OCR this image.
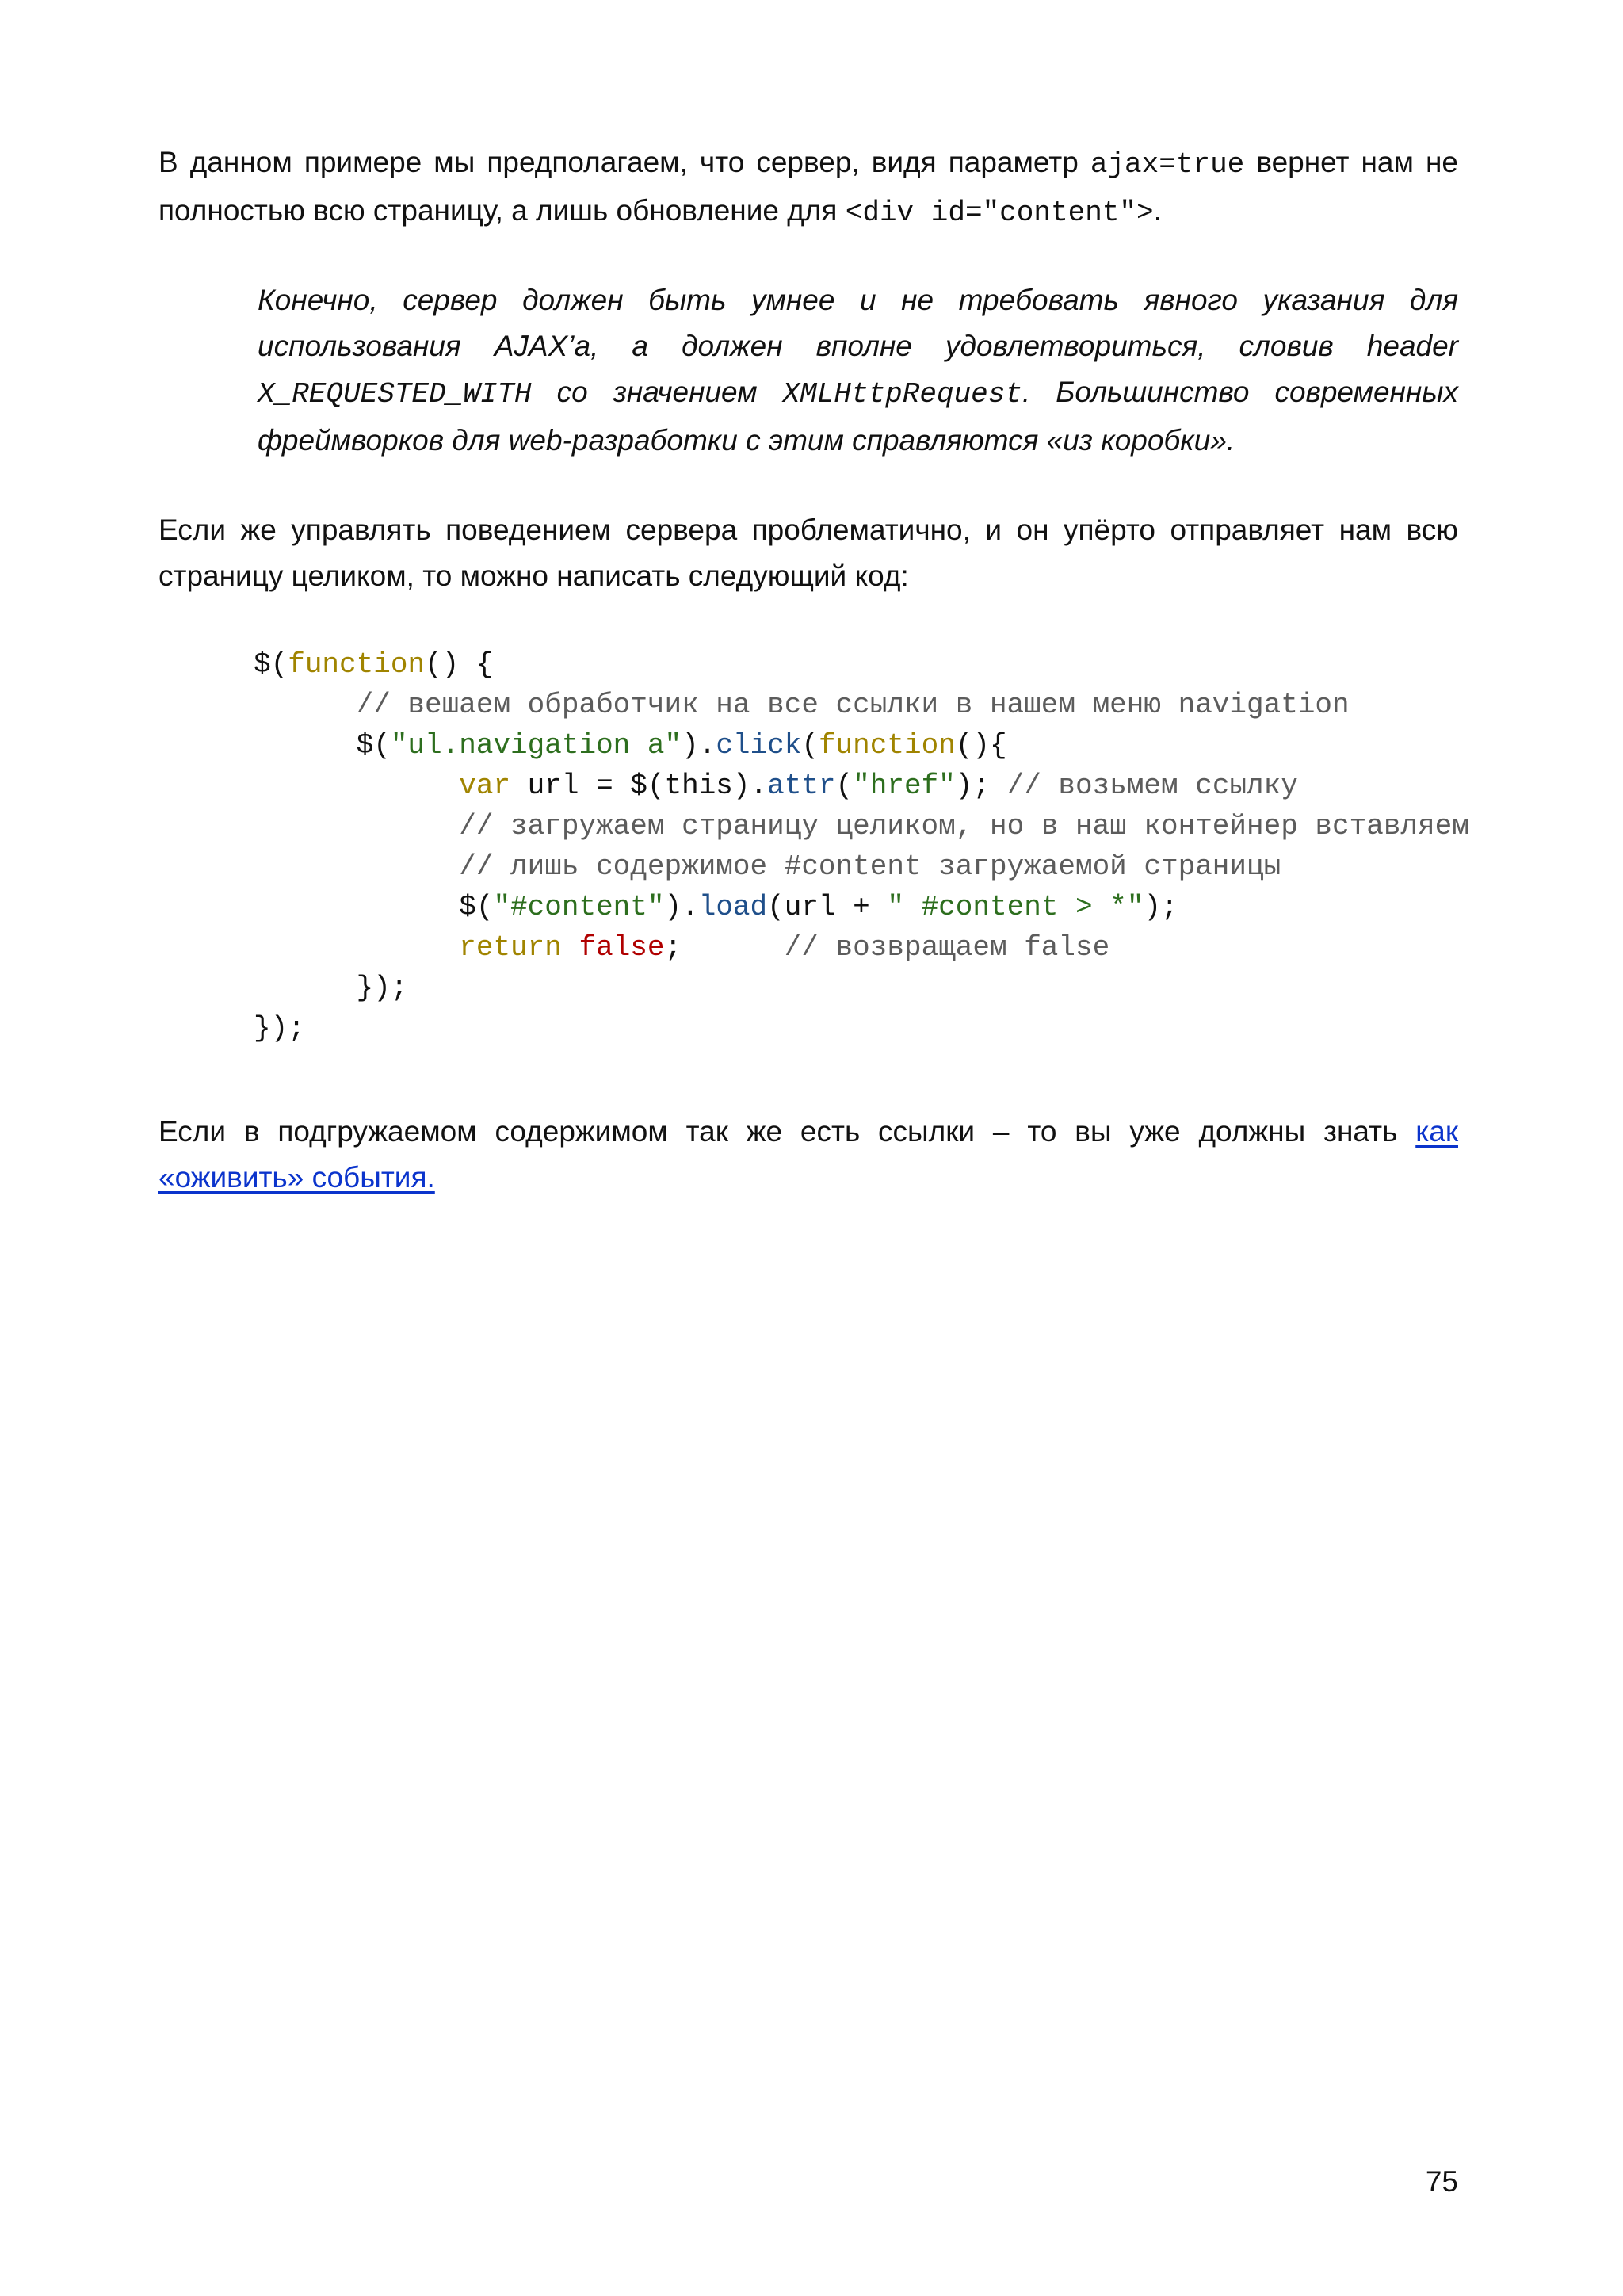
В данном примере мы предполагаем, что сервер, видя параметр ajax=true вернет нам не полностью всю страницу, а лишь обновление для <div id="content">.

Конечно, сервер должен быть умнее и не требовать явного указания для использования AJAX’a, а должен вполне удовлетвориться, словив header X_REQUESTED_WITH со значением XMLHttpRequest. Большинство современных фреймворков для web-разработки с этим справляются «из коробки».

Если же управлять поведением сервера проблематично, и он упёрто отправляет нам всю страницу целиком, то можно написать следующий код:

$(function() {
// вешаем обработчик на все ссылки в нашем меню navigation
$("ul.navigation a").click(function(){
var url = $(this).attr("href"); // возьмем ссылку
// загружаем страницу целиком, но в наш контейнер вставляем
// лишь содержимое #content загружаемой страницы
$("#content").load(url + " #content > *");
return false;      // возвращаем false
});
});

Если в подгружаемом содержимом так же есть ссылки – то вы уже должны знать как «оживить» события.

75
